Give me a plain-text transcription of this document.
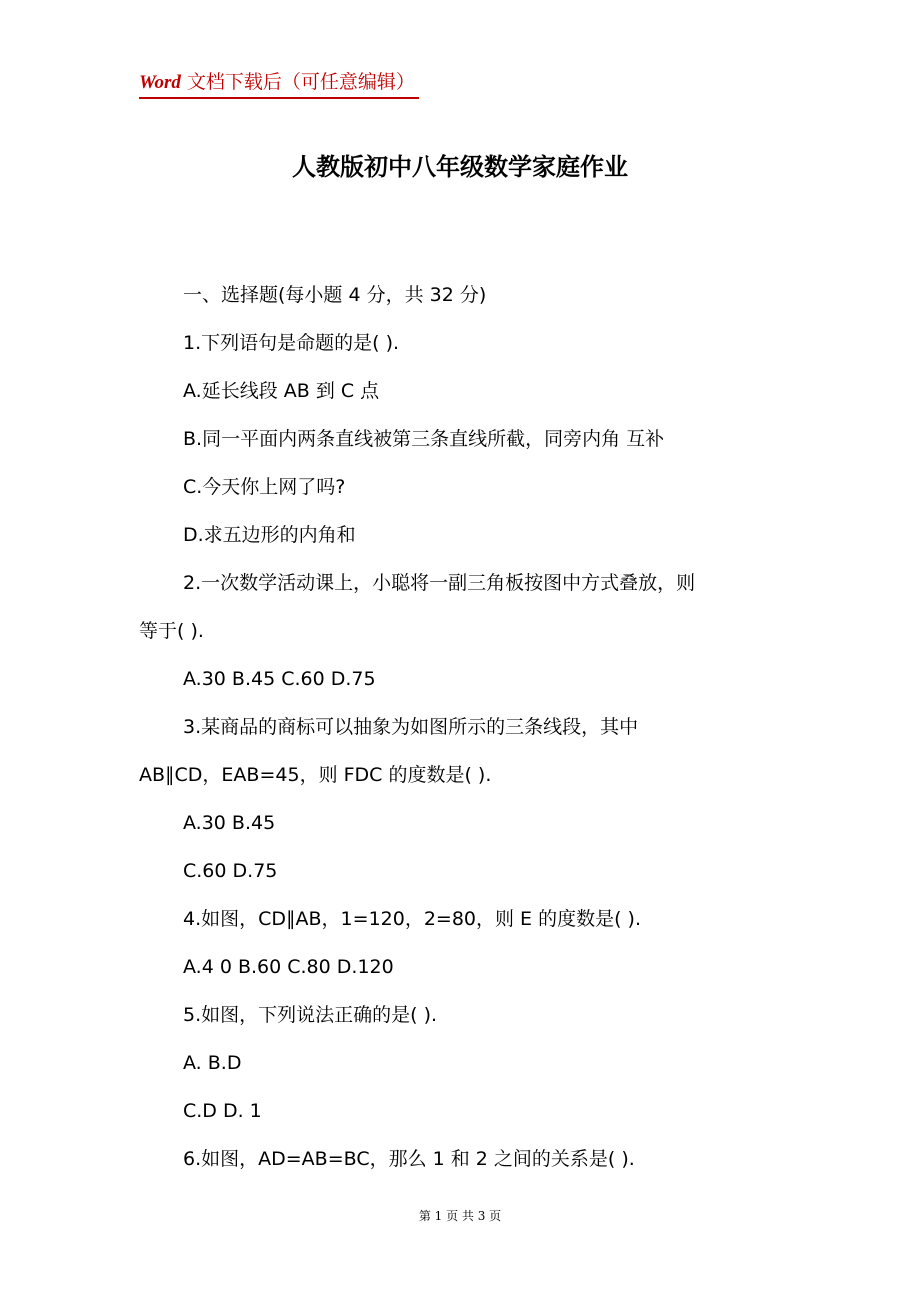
Word 文档下载后（可任意编辑）
人教版初中八年级数学家庭作业

一、选择题(每小题 4 分，共 32 分)

1.下列语句是命题的是( ).

A.延长线段 AB 到 C 点

B.同一平面内两条直线被第三条直线所截，同旁内角 互补

C.今天你上网了吗?

D.求五边形的内角和

2.一次数学活动课上，小聪将一副三角板按图中方式叠放，则
等于( ).

A.30 B.45 C.60 D.75

3.某商品的商标可以抽象为如图所示的三条线段，其中
AB∥CD，EAB=45，则 FDC 的度数是( ).

A.30 B.45

C.60 D.75

4.如图，CD∥AB，1=120，2=80，则 E 的度数是( ).

A.4 0 B.60 C.80 D.120

5.如图，下列说法正确的是( ).

A. B.D

C.D D. 1

6.如图，AD=AB=BC，那么 1 和 2 之间的关系是( ).

第 1 页 共 3 页
